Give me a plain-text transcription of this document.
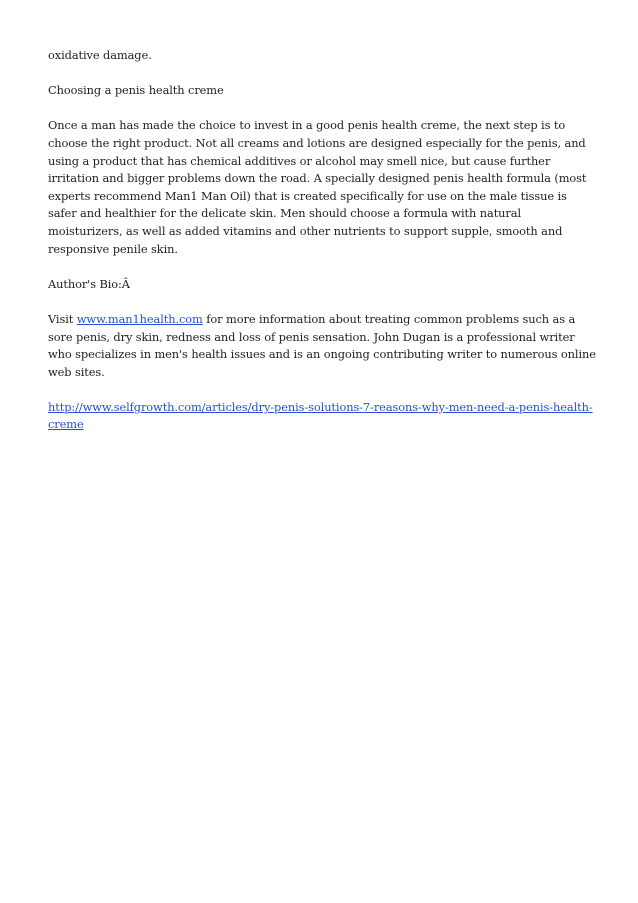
oxidative damage.

Choosing a penis health creme

Once a man has made the choice to invest in a good penis health creme, the next step is to choose the right product. Not all creams and lotions are designed especially for the penis, and using a product that has chemical additives or alcohol may smell nice, but cause further irritation and bigger problems down the road. A specially designed penis health formula (most experts recommend Man1 Man Oil) that is created specifically for use on the male tissue is safer and healthier for the delicate skin. Men should choose a formula with natural moisturizers, as well as added vitamins and other nutrients to support supple, smooth and responsive penile skin.

Author's Bio:Â

Visit www.man1health.com for more information about treating common problems such as a sore penis, dry skin, redness and loss of penis sensation. John Dugan is a professional writer who specializes in men's health issues and is an ongoing contributing writer to numerous online web sites.

http://www.selfgrowth.com/articles/dry-penis-solutions-7-reasons-why-men-need-a-penis-health-creme
